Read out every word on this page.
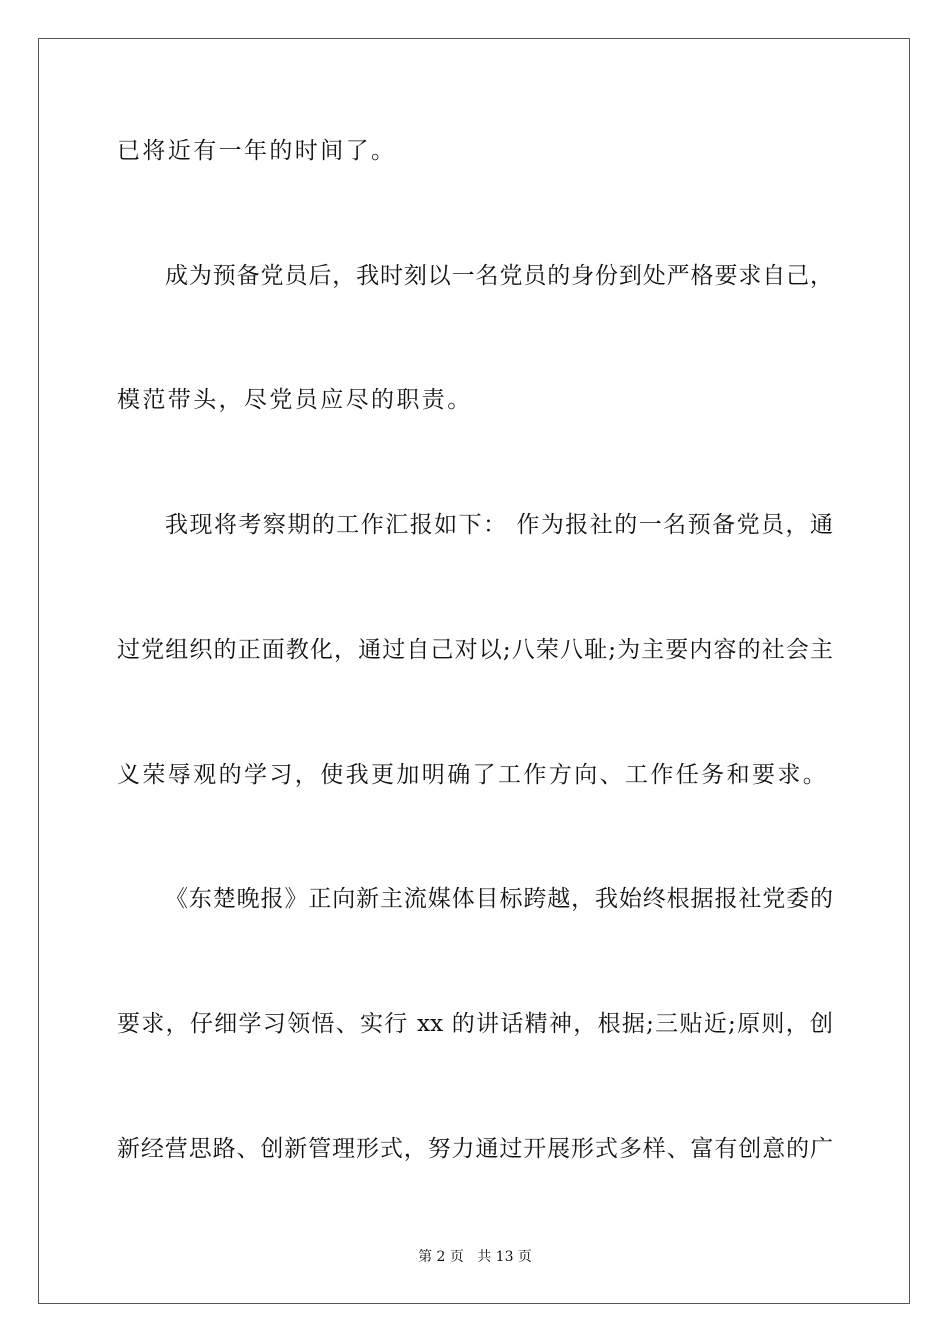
已将近有一年的时间了。
成为预备党员后，我时刻以一名党员的身份到处严格要求自己，
模范带头，尽党员应尽的职责。
我现将考察期的工作汇报如下： 作为报社的一名预备党员，通
过党组织的正面教化，通过自己对以;八荣八耻;为主要内容的社会主
义荣辱观的学习，使我更加明确了工作方向、工作任务和要求。
《东楚晚报》正向新主流媒体目标跨越，我始终根据报社党委的
要求，仔细学习领悟、实行 xx 的讲话精神，根据;三贴近;原则，创
新经营思路、创新管理形式，努力通过开展形式多样、富有创意的广
第 2 页   共 13 页
